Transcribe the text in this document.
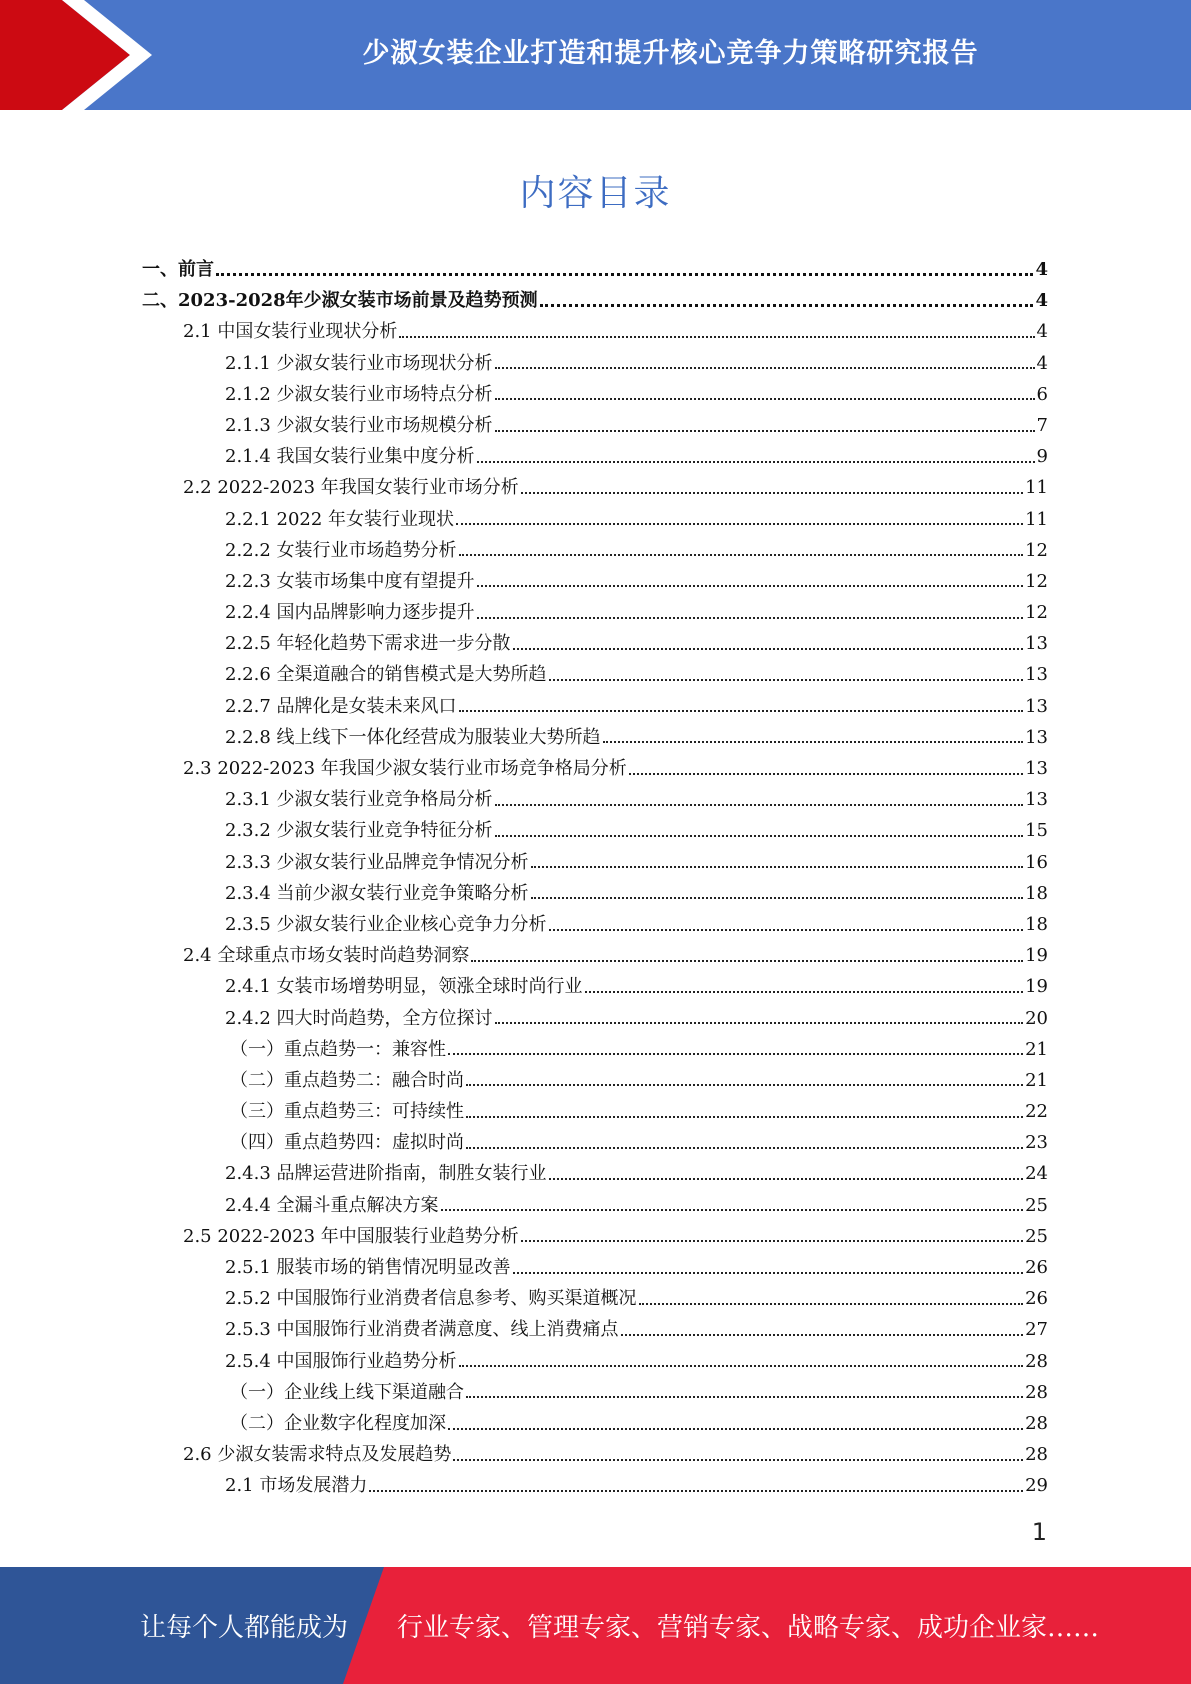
少淑女装企业打造和提升核心竞争力策略研究报告
内容目录
一、前言	4
二、2023-2028年少淑女装市场前景及趋势预测	4
2.1 中国女装行业现状分析	4
2.1.1 少淑女装行业市场现状分析	4
2.1.2 少淑女装行业市场特点分析	6
2.1.3 少淑女装行业市场规模分析	7
2.1.4 我国女装行业集中度分析	9
2.2 2022-2023 年我国女装行业市场分析	11
2.2.1 2022 年女装行业现状	11
2.2.2 女装行业市场趋势分析	12
2.2.3 女装市场集中度有望提升	12
2.2.4 国内品牌影响力逐步提升	12
2.2.5 年轻化趋势下需求进一步分散	13
2.2.6 全渠道融合的销售模式是大势所趋	13
2.2.7 品牌化是女装未来风口	13
2.2.8 线上线下一体化经营成为服装业大势所趋	13
2.3 2022-2023 年我国少淑女装行业市场竞争格局分析	13
2.3.1 少淑女装行业竞争格局分析	13
2.3.2 少淑女装行业竞争特征分析	15
2.3.3 少淑女装行业品牌竞争情况分析	16
2.3.4 当前少淑女装行业竞争策略分析	18
2.3.5 少淑女装行业企业核心竞争力分析	18
2.4 全球重点市场女装时尚趋势洞察	19
2.4.1 女装市场增势明显，领涨全球时尚行业	19
2.4.2 四大时尚趋势，全方位探讨	20
（一）重点趋势一：兼容性	21
（二）重点趋势二：融合时尚	21
（三）重点趋势三：可持续性	22
（四）重点趋势四：虚拟时尚	23
2.4.3 品牌运营进阶指南，制胜女装行业	24
2.4.4 全漏斗重点解决方案	25
2.5 2022-2023 年中国服装行业趋势分析	25
2.5.1 服装市场的销售情况明显改善	26
2.5.2 中国服饰行业消费者信息参考、购买渠道概况	26
2.5.3 中国服饰行业消费者满意度、线上消费痛点	27
2.5.4 中国服饰行业趋势分析	28
（一）企业线上线下渠道融合	28
（二）企业数字化程度加深	28
2.6 少淑女装需求特点及发展趋势	28
2.1 市场发展潜力	29
1
让每个人都能成为 行业专家、管理专家、营销专家、战略专家、成功企业家……
